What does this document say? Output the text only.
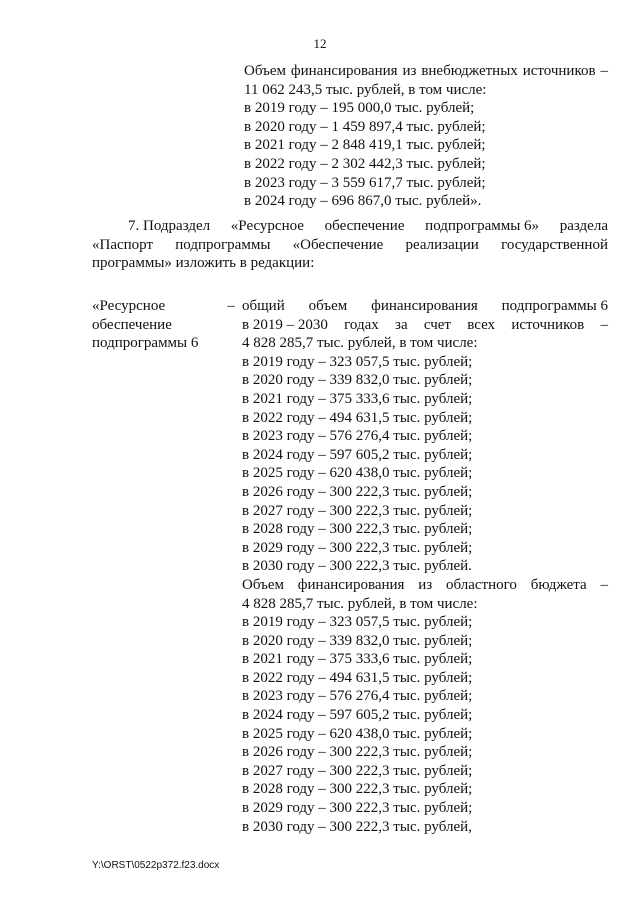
12
Объем финансирования из внебюджетных источников –
11 062 243,5 тыс. рублей, в том числе:
в 2019 году – 195 000,0 тыс. рублей;
в 2020 году – 1 459 897,4 тыс. рублей;
в 2021 году – 2 848 419,1 тыс. рублей;
в 2022 году – 2 302 442,3 тыс. рублей;
в 2023 году – 3 559 617,7 тыс. рублей;
в 2024 году – 696 867,0 тыс. рублей».
7. Подраздел «Ресурсное обеспечение подпрограммы 6» раздела
«Паспорт подпрограммы «Обеспечение реализации государственной
программы» изложить в редакции:
«Ресурсное
обеспечение
подпрограммы 6
– общий объем финансирования подпрограммы 6
в 2019 – 2030 годах за счет всех источников –
4 828 285,7 тыс. рублей, в том числе:
в 2019 году – 323 057,5 тыс. рублей;
в 2020 году – 339 832,0 тыс. рублей;
в 2021 году – 375 333,6 тыс. рублей;
в 2022 году – 494 631,5 тыс. рублей;
в 2023 году – 576 276,4 тыс. рублей;
в 2024 году – 597 605,2 тыс. рублей;
в 2025 году – 620 438,0 тыс. рублей;
в 2026 году – 300 222,3 тыс. рублей;
в 2027 году – 300 222,3 тыс. рублей;
в 2028 году – 300 222,3 тыс. рублей;
в 2029 году – 300 222,3 тыс. рублей;
в 2030 году – 300 222,3 тыс. рублей.
Объем финансирования из областного бюджета –
4 828 285,7 тыс. рублей, в том числе:
в 2019 году – 323 057,5 тыс. рублей;
в 2020 году – 339 832,0 тыс. рублей;
в 2021 году – 375 333,6 тыс. рублей;
в 2022 году – 494 631,5 тыс. рублей;
в 2023 году – 576 276,4 тыс. рублей;
в 2024 году – 597 605,2 тыс. рублей;
в 2025 году – 620 438,0 тыс. рублей;
в 2026 году – 300 222,3 тыс. рублей;
в 2027 году – 300 222,3 тыс. рублей;
в 2028 году – 300 222,3 тыс. рублей;
в 2029 году – 300 222,3 тыс. рублей;
в 2030 году – 300 222,3 тыс. рублей,
Y:\ORST\0522p372.f23.docx
